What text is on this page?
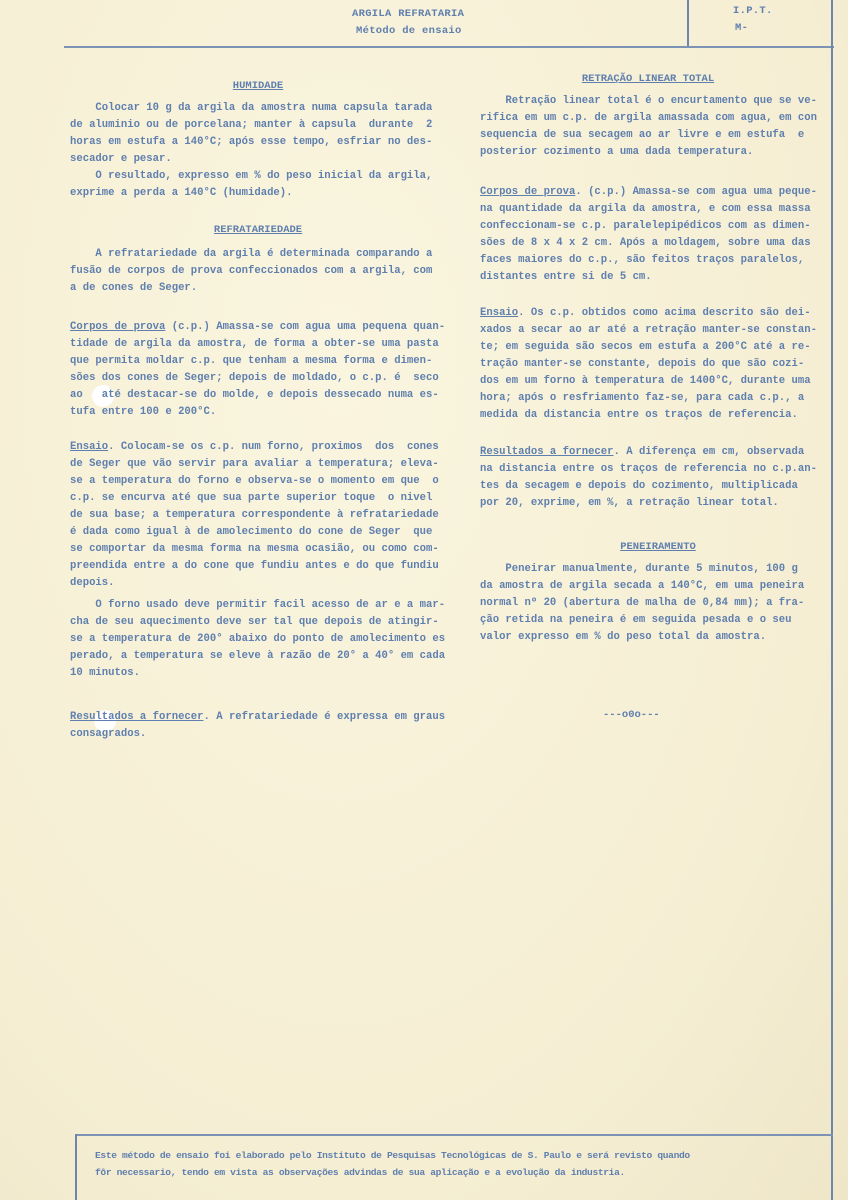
ARGILA REFRATARIA
Método de ensaio
I.P.T.
M-
HUMIDADE
Colocar 10 g da argila da amostra numa capsula tarada
de aluminio ou de porcelana; manter à capsula  durante  2
horas em estufa a 140°C; após esse tempo, esfriar no des-
secador e pesar.
O resultado, expresso em % do peso inicial da argila,
exprime a perda a 140°C (humidade).
REFRATARIEDADE
A refratariedade da argila é determinada comparando a
fusão de corpos de prova confeccionados com a argila, com
a de cones de Seger.
Corpos de prova (c.p.) Amassa-se com agua uma pequena quan-
tidade de argila da amostra, de forma a obter-se uma pasta
que permita moldar c.p. que tenham a mesma forma e dimen-
sões dos cones de Seger; depois de moldado, o c.p. é  seco
ao   até destacar-se do molde, e depois dessecado numa es-
tufa entre 100 e 200°C.
Ensaio. Colocam-se os c.p. num forno, proximos  dos  cones
de Seger que vão servir para avaliar a temperatura; eleva-
se a temperatura do forno e observa-se o momento em que  o
c.p. se encurva até que sua parte superior toque  o nivel
de sua base; a temperatura correspondente à refratariedade
é dada como igual à de amolecimento do cone de Seger  que
se comportar da mesma forma na mesma ocasião, ou como com-
preendida entre a do cone que fundiu antes e do que fundiu
depois.
O forno usado deve permitir facil acesso de ar e a mar-
cha de seu aquecimento deve ser tal que depois de atingir-
se a temperatura de 200° abaixo do ponto de amolecimento es
perado, a temperatura se eleve à razão de 20° a 40° em cada
10 minutos.
Resultados a fornecer. A refratariedade é expressa em graus
consagrados.
RETRAÇÃO LINEAR TOTAL
Retração linear total é o encurtamento que se ve-
rifica em um c.p. de argila amassada com agua, em con
sequencia de sua secagem ao ar livre e em estufa  e
posterior cozimento a uma dada temperatura.
Corpos de prova. (c.p.) Amassa-se com agua uma peque-
na quantidade da argila da amostra, e com essa massa
confeccionam-se c.p. paralelepipédicos com as dimen-
sões de 8 x 4 x 2 cm. Após a moldagem, sobre uma das
faces maiores do c.p., são feitos traços paralelos,
distantes entre si de 5 cm.
Ensaio. Os c.p. obtidos como acima descrito são dei-
xados a secar ao ar até a retração manter-se constan-
te; em seguida são secos em estufa a 200°C até a re-
tração manter-se constante, depois do que são cozi-
dos em um forno à temperatura de 1400°C, durante uma
hora; após o resfriamento faz-se, para cada c.p., a
medida da distancia entre os traços de referencia.
Resultados a fornecer. A diferença em cm, observada
na distancia entre os traços de referencia no c.p.an-
tes da secagem e depois do cozimento, multiplicada
por 20, exprime, em %, a retração linear total.
PENEIRAMENTO
Peneirar manualmente, durante 5 minutos, 100 g
da amostra de argila secada a 140°C, em uma peneira
normal nº 20 (abertura de malha de 0,84 mm); a fra-
ção retida na peneira é em seguida pesada e o seu
valor expresso em % do peso total da amostra.
---o0o---
Este método de ensaio foi elaborado pelo Instituto de Pesquisas Tecnológicas de S. Paulo e será revisto quando
fôr necessario, tendo em vista as observações advindas de sua aplicação e a evolução da industria.
